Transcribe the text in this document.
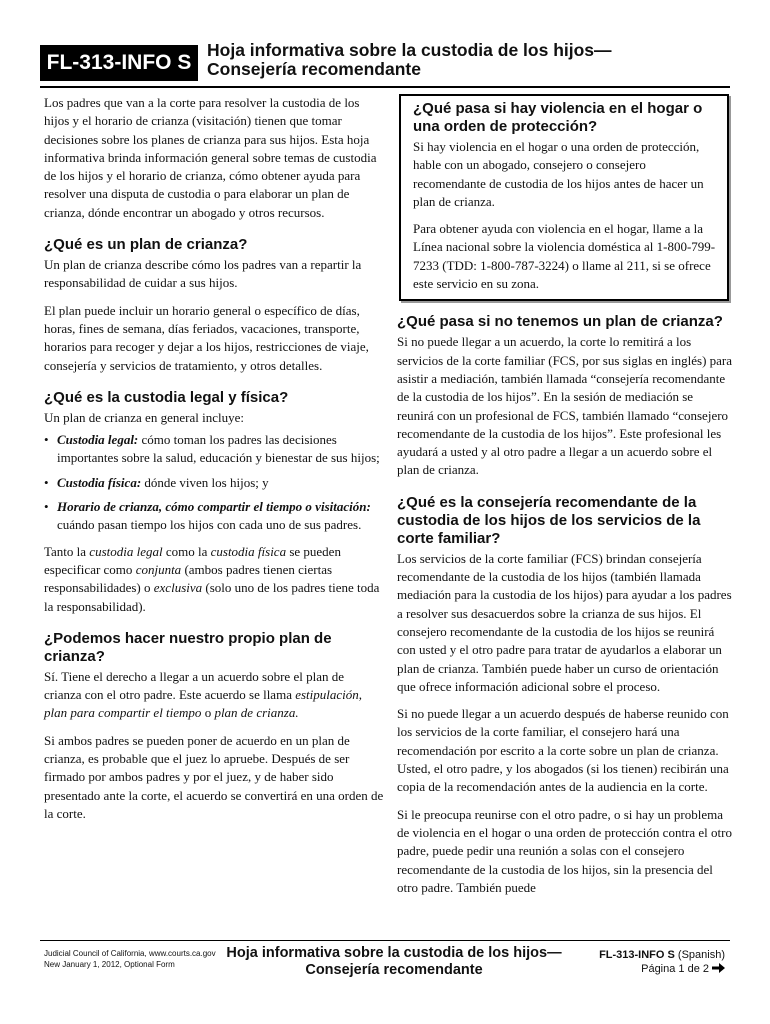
FL-313-INFO S
Hoja informativa sobre la custodia de los hijos—
Consejería recomendante

Los padres que van a la corte para resolver la custodia de los hijos y el horario de crianza (visitación) tienen que tomar decisiones sobre los planes de crianza para sus hijos. Esta hoja informativa brinda información general sobre temas de custodia de los hijos y el horario de crianza, cómo obtener ayuda para resolver una disputa de custodia o para elaborar un plan de crianza, dónde encontrar un abogado y otros recursos.

¿Qué es un plan de crianza?

Un plan de crianza describe cómo los padres van a repartir la responsabilidad de cuidar a sus hijos.

El plan puede incluir un horario general o específico de días, horas, fines de semana, días feriados, vacaciones, transporte, horarios para recoger y dejar a los hijos, restricciones de viaje, consejería y servicios de tratamiento, y otros detalles.

¿Qué es la custodia legal y física?

Un plan de crianza en general incluye:

• Custodia legal: cómo toman los padres las decisiones importantes sobre la salud, educación y bienestar de sus hijos;
• Custodia física: dónde viven los hijos; y
• Horario de crianza, cómo compartir el tiempo o visitación: cuándo pasan tiempo los hijos con cada uno de sus padres.

Tanto la custodia legal como la custodia física se pueden especificar como conjunta (ambos padres tienen ciertas responsabilidades) o exclusiva (solo uno de los padres tiene toda la responsabilidad).

¿Podemos hacer nuestro propio plan de crianza?

Sí. Tiene el derecho a llegar a un acuerdo sobre el plan de crianza con el otro padre. Este acuerdo se llama estipulación, plan para compartir el tiempo o plan de crianza.

Si ambos padres se pueden poner de acuerdo en un plan de crianza, es probable que el juez lo apruebe. Después de ser firmado por ambos padres y por el juez, y de haber sido presentado ante la corte, el acuerdo se convertirá en una orden de la corte.

¿Qué pasa si hay violencia en el hogar o una orden de protección?

Si hay violencia en el hogar o una orden de protección, hable con un abogado, consejero o consejero recomendante de custodia de los hijos antes de hacer un plan de crianza.

Para obtener ayuda con violencia en el hogar, llame a la Línea nacional sobre la violencia doméstica al 1-800-799-7233 (TDD: 1-800-787-3224) o llame al 211, si se ofrece este servicio en su zona.

¿Qué pasa si no tenemos un plan de crianza?

Si no puede llegar a un acuerdo, la corte lo remitirá a los servicios de la corte familiar (FCS, por sus siglas en inglés) para asistir a mediación, también llamada “consejería recomendante de la custodia de los hijos”. En la sesión de mediación se reunirá con un profesional de FCS, también llamado “consejero recomendante de la custodia de los hijos”. Este profesional les ayudará a usted y al otro padre a llegar a un acuerdo sobre el plan de crianza.

¿Qué es la consejería recomendante de la custodia de los hijos de los servicios de la corte familiar?

Los servicios de la corte familiar (FCS) brindan consejería recomendante de la custodia de los hijos (también llamada mediación para la custodia de los hijos) para ayudar a los padres a resolver sus desacuerdos sobre la crianza de sus hijos. El consejero recomendante de la custodia de los hijos se reunirá con usted y el otro padre para tratar de ayudarlos a elaborar un plan de crianza. También puede haber un curso de orientación que ofrece información adicional sobre el proceso.

Si no puede llegar a un acuerdo después de haberse reunido con los servicios de la corte familiar, el consejero hará una recomendación por escrito a la corte sobre un plan de crianza. Usted, el otro padre, y los abogados (si los tienen) recibirán una copia de la recomendación antes de la audiencia en la corte.

Si le preocupa reunirse con el otro padre, o si hay un problema de violencia en el hogar o una orden de protección contra el otro padre, puede pedir una reunión a solas con el consejero recomendante de la custodia de los hijos, sin la presencia del otro padre. También puede

Judicial Council of California, www.courts.ca.gov
New January 1, 2012, Optional Form
Hoja informativa sobre la custodia de los hijos—
Consejería recomendante
FL-313-INFO S (Spanish)
Página 1 de 2
